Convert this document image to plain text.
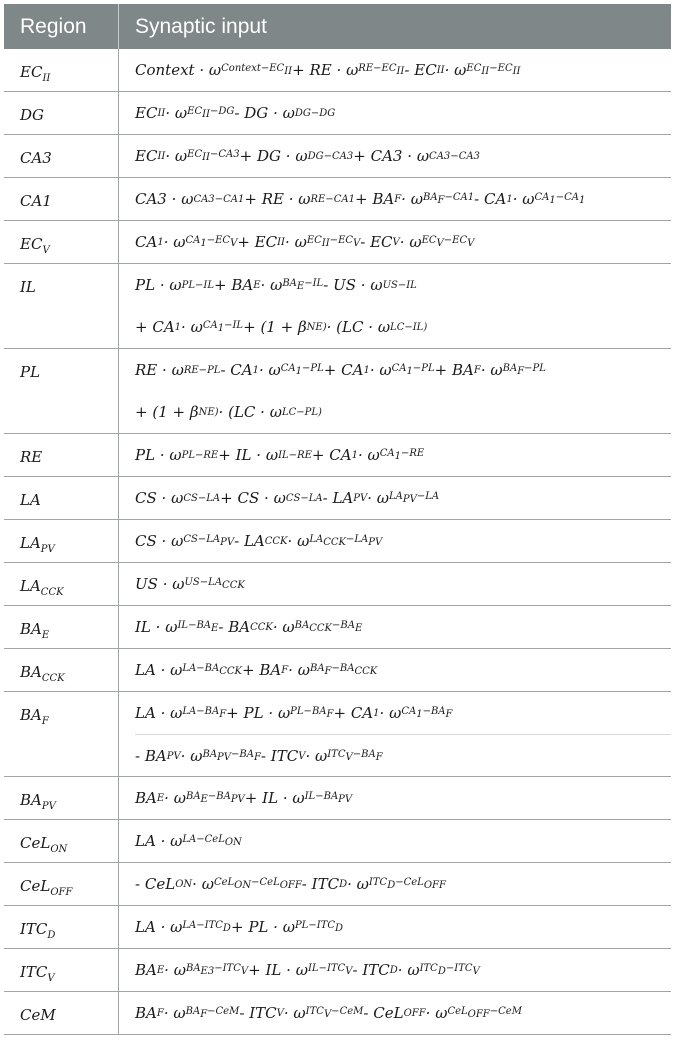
Region	Synaptic input
$EC_{II}$	Context · ω $Context-EC_{II}$ + RE · ω $RE-EC_{II}$ - EC II · ω $EC_{II}-EC_{II}$
DG	EC II · ω $EC_{II}-DG$ - DG · ω DG−DG
CA3	EC II · ω $EC_{II}-CA3$ + DG · ω DG−CA3 + CA3 · ω CA3−CA3
CA1	CA3 · ω CA3−CA1 + RE · ω RE−CA1 + BA F · ω $BA_F-CA1$ - CA 1 · ω $CA_1-CA_1$
$EC_V$	CA 1 · ω $CA_1-EC_V$ + EC II · ω $EC_{II}-EC_V$ - EC V · ω $EC_V-EC_V$
IL	PL · ω PL−IL + BA E · ω $BA_E-IL$ - US · ω US−IL
+ CA 1 · ω $CA_1-IL + (1 + \beta$ NE) · (LC · ω LC−IL)
PL	RE · ω RE−PL - CA 1 · ω $CA_1-PL$ + CA 1 · ω $CA_1-PL$ + BA F · ω $BA_F-PL$
+ (1 + β NE) · (LC · ω LC−PL)
RE	PL · ω PL−RE + IL · ω IL−RE + CA 1 · ω $CA_1-RE$
LA	CS · ω CS−LA + CS · ω CS−LA - LA PV · ω $LA_{PV}-LA$
$LA_{PV}$	CS · ω $CS-LA_{PV}$ - LA CCK · ω $LA_{CCK}-LA_{PV}$
$LA_{CCK}$	US · ω $US-LA_{CCK}$
$BA_E$	IL · ω $IL-BA_E$ - BA CCK · ω $BA_{CCK}-BA_E$
$BA_{CCK}$	LA · ω $LA-BA_{CCK}$ + BA F · ω $BA_F-BA_{CCK}$
$BA_F$	LA · ω $LA-BA_F$ + PL · ω $PL-BA_F$ + CA 1 · ω $CA_1-BA_F$
- BA PV · ω $BA_{PV}-BA_F$ - ITC V · ω $ITC_V-BA_F$
$BA_{PV}$	BA E · ω $BA_E-BA_{PV}$ + IL · ω $IL-BA_{PV}$
CeL$_{ON}$	LA · ω LA−CeL$_{ON}$
CeL$_{OFF}$	- CeL ON · ω CeL$_{ON}$−CeL$_{OFF}$ - ITC D · ω $ITC_D-CeL_{OFF}$
$ITC_D$	LA · ω $LA-ITC_D$ + PL · ω $PL-ITC_D$
$ITC_V$	BA E · ω $BA_{E3}-ITC_V$ + IL · ω $IL-ITC_V$ - ITC D · ω $ITC_D-ITC_V$
CeM	BA F · ω $BA_F-CeM$ - ITC V · ω $ITC_V-CeM$ - CeL OFF · ω CeL$_{OFF}$−CeM
